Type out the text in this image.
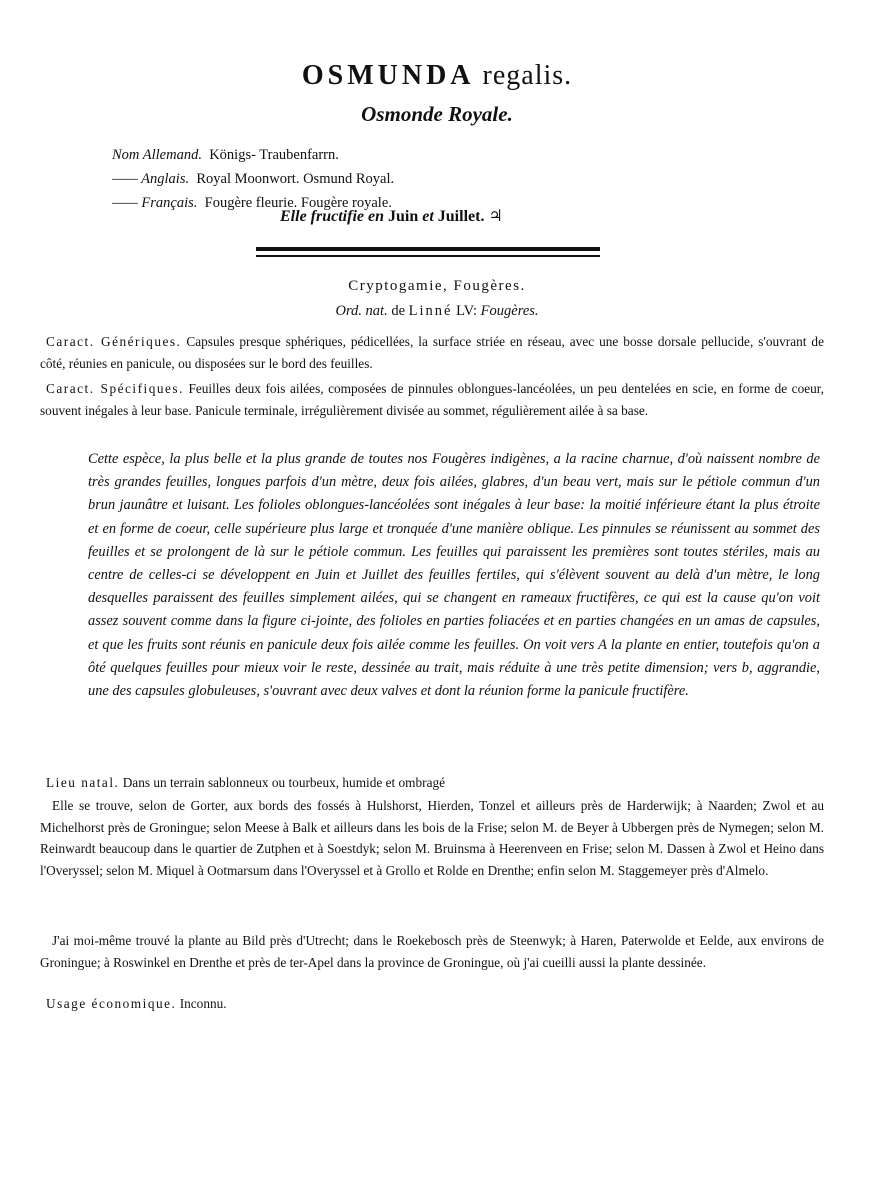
OSMUNDA regalis.
Osmonde Royale.
Nom Allemand. Königs- Traubenfarrn.
—— Anglais. Royal Moonwort. Osmund Royal.
—— Français. Fougère fleurie. Fougère royale.
Elle fructifie en Juin et Juillet. ♃
Cryptogamie, Fougères.
Ord. nat. de Linné LV: Fougères.
Caract. Génériques. Capsules presque sphériques, pédicellées, la surface striée en réseau, avec une bosse dorsale pellucide, s'ouvrant de côté, réunies en panicule, ou disposées sur le bord des feuilles.
Caract. Spécifiques. Feuilles deux fois ailées, composées de pinnules oblongues-lancéolées, un peu dentelées en scie, en forme de coeur, souvent inégales à leur base. Panicule terminale, irrégulièrement divisée au sommet, régulièrement ailée à sa base.
Cette espèce, la plus belle et la plus grande de toutes nos Fougères indigènes, a la racine charnue, d'où naissent nombre de très grandes feuilles, longues parfois d'un mètre, deux fois ailées, glabres, d'un beau vert, mais sur le pétiole commun d'un brun jaunâtre et luisant. Les folioles oblongues-lancéolées sont inégales à leur base: la moitié inférieure étant la plus étroite et en forme de coeur, celle supérieure plus large et tronquée d'une manière oblique. Les pinnules se réunissent au sommet des feuilles et se prolongent de là sur le pétiole commun. Les feuilles qui paraissent les premières sont toutes stériles, mais au centre de celles-ci se développent en Juin et Juillet des feuilles fertiles, qui s'élèvent souvent au delà d'un mètre, le long desquelles paraissent des feuilles simplement ailées, qui se changent en rameaux fructifères, ce qui est la cause qu'on voit assez souvent comme dans la figure ci-jointe, des folioles en parties foliacées et en parties changées en un amas de capsules, et que les fruits sont réunis en panicule deux fois ailée comme les feuilles. On voit vers A la plante en entier, toutefois qu'on a ôté quelques feuilles pour mieux voir le reste, dessinée au trait, mais réduite à une très petite dimension; vers b, aggrandie, une des capsules globuleuses, s'ouvrant avec deux valves et dont la réunion forme la panicule fructifère.
Lieu natal. Dans un terrain sablonneux ou tourbeux, humide et ombragé
Elle se trouve, selon de Gorter, aux bords des fossés à Hulshorst, Hierden, Tonzel et ailleurs près de Harderwijk; à Naarden; Zwol et au Michelhorst près de Groningue; selon Meese à Balk et ailleurs dans les bois de la Frise; selon M. de Beyer à Ubbergen près de Nymegen; selon M. Reinwardt beaucoup dans le quartier de Zutphen et à Soestdyk; selon M. Bruinsma à Heerenveen en Frise; selon M. Dassen à Zwol et Heino dans l'Overyssel; selon M. Miquel à Ootmarsum dans l'Overyssel et à Grollo et Rolde en Drenthe; enfin selon M. Staggemeyer près d'Almelo.
J'ai moi-même trouvé la plante au Bild près d'Utrecht; dans le Roekebosch près de Steenwyk; à Haren, Paterwolde et Eelde, aux environs de Groningue; à Roswinkel en Drenthe et près de ter-Apel dans la province de Groningue, où j'ai cueilli aussi la plante dessinée.
Usage économique. Inconnu.
